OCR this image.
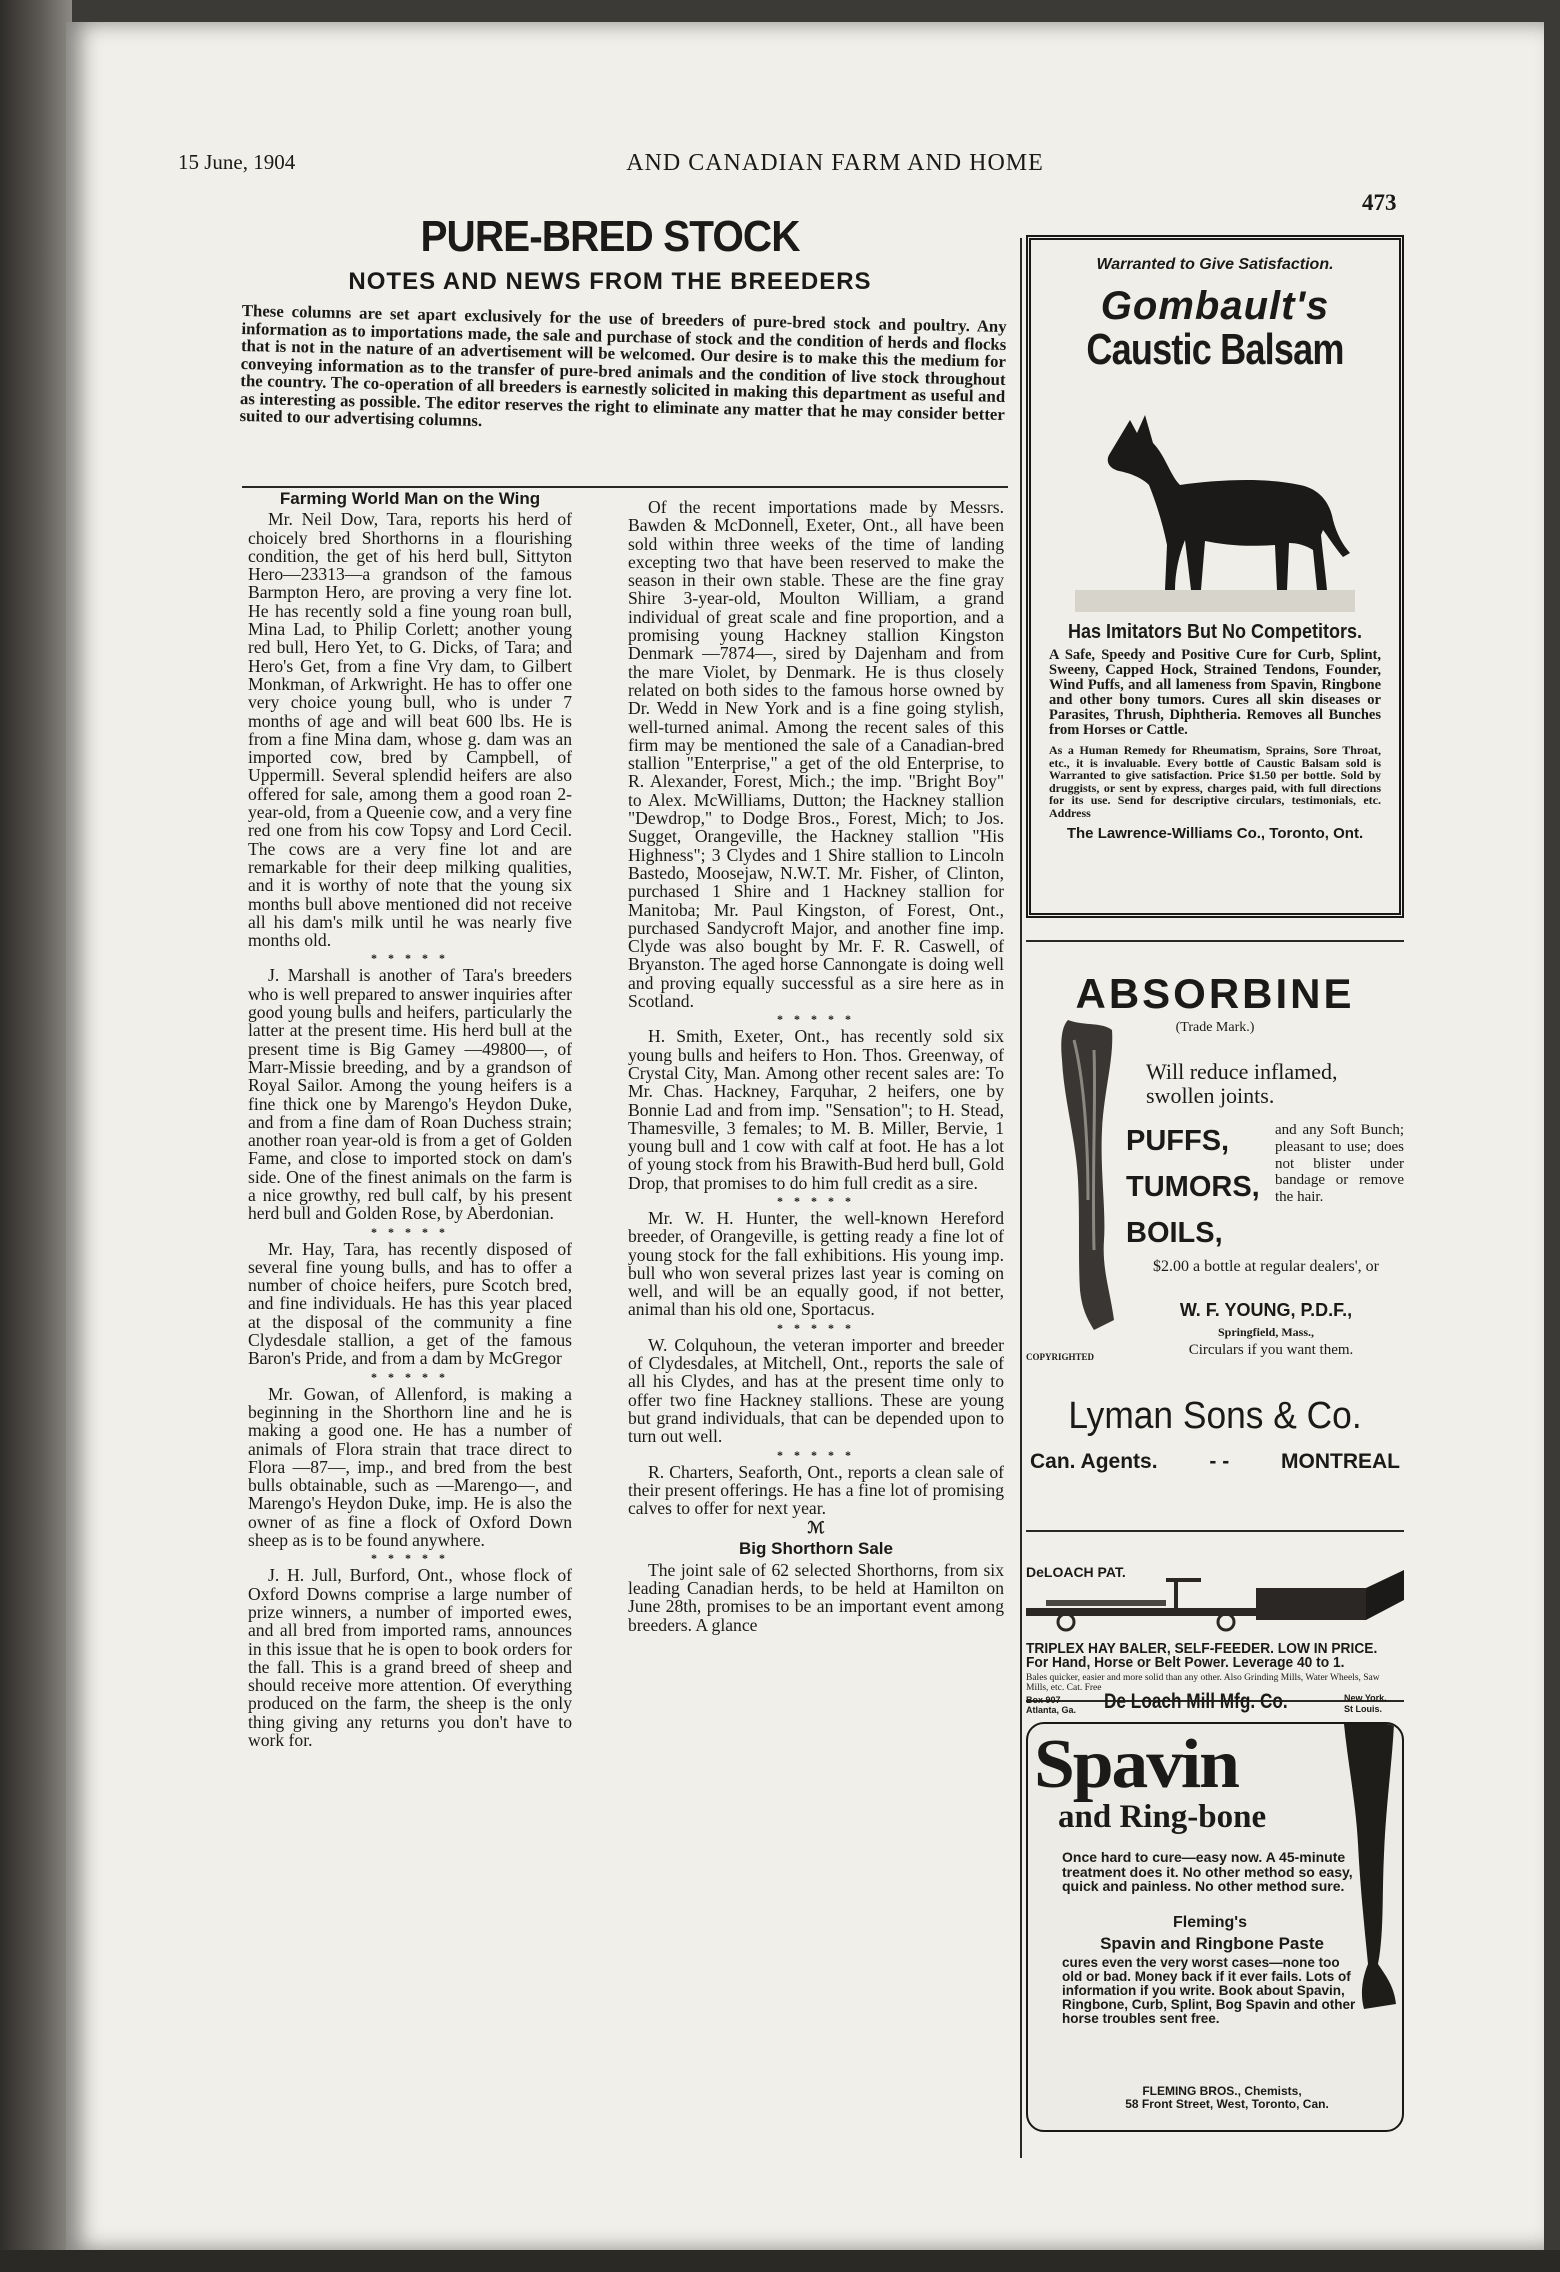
15 June, 1904	AND CANADIAN FARM AND HOME
473
PURE-BRED STOCK
NOTES AND NEWS FROM THE BREEDERS
These columns are set apart exclusively for the use of breeders of pure-bred stock and poultry. Any information as to importations made, the sale and purchase of stock and the condition of herds and flocks that is not in the nature of an advertisement will be welcomed. Our desire is to make this the medium for conveying information as to the transfer of pure-bred animals and the condition of live stock throughout the country. The co-operation of all breeders is earnestly solicited in making this department as useful and as interesting as possible. The editor reserves the right to eliminate any matter that he may consider better suited to our advertising columns.
Farming World Man on the Wing

Mr. Neil Dow, Tara, reports his herd of choicely bred Shorthorns in a flourishing condition, the get of his herd bull, Sittyton Hero—23313—a grandson of the famous Barmpton Hero, are proving a very fine lot. He has recently sold a fine young roan bull, Mina Lad, to Philip Corlett; another young red bull, Hero Yet, to G. Dicks, of Tara; and Hero's Get, from a fine Vry dam, to Gilbert Monkman, of Arkwright. He has to offer one very choice young bull, who is under 7 months of age and will beat 600 lbs. He is from a fine Mina dam, whose g. dam was an imported cow, bred by Campbell, of Uppermill. Several splendid heifers are also offered for sale, among them a good roan 2-year-old, from a Queenie cow, and a very fine red one from his cow Topsy and Lord Cecil. The cows are a very fine lot and are remarkable for their deep milking qualities, and it is worthy of note that the young six months bull above mentioned did not receive all his dam's milk until he was nearly five months old.

* * * * *

J. Marshall is another of Tara's breeders who is well prepared to answer inquiries after good young bulls and heifers, particularly the latter at the present time. His herd bull at the present time is Big Gamey —49800—, of Marr-Missie breeding, and by a grandson of Royal Sailor. Among the young heifers is a fine thick one by Marengo's Heydon Duke, and from a fine dam of Roan Duchess strain; another roan year-old is from a get of Golden Fame, and close to imported stock on dam's side. One of the finest animals on the farm is a nice growthy, red bull calf, by his present herd bull and Golden Rose, by Aberdonian.

* * * * *

Mr. Hay, Tara, has recently disposed of several fine young bulls, and has to offer a number of choice heifers, pure Scotch bred, and fine individuals. He has this year placed at the disposal of the community a fine Clydesdale stallion, a get of the famous Baron's Pride, and from a dam by McGregor

* * * * *

Mr. Gowan, of Allenford, is making a beginning in the Shorthorn line and he is making a good one. He has a number of animals of Flora strain that trace direct to Flora —87—, imp., and bred from the best bulls obtainable, such as —Marengo—, and Marengo's Heydon Duke, imp. He is also the owner of as fine a flock of Oxford Down sheep as is to be found anywhere.

* * * * *

J. H. Jull, Burford, Ont., whose flock of Oxford Downs comprise a large number of prize winners, a number of imported ewes, and all bred from imported rams, announces in this issue that he is open to book orders for the fall. This is a grand breed of sheep and should receive more attention. Of everything produced on the farm, the sheep is the only thing giving any returns you don't have to work for.

Of the recent importations made by Messrs. Bawden & McDonnell, Exeter, Ont., all have been sold within three weeks of the time of landing excepting two that have been reserved to make the season in their own stable. These are the fine gray Shire 3-year-old, Moulton William, a grand individual of great scale and fine proportion, and a promising young Hackney stallion Kingston Denmark —7874—, sired by Dajenham and from the mare Violet, by Denmark. He is thus closely related on both sides to the famous horse owned by Dr. Wedd in New York and is a fine going stylish, well-turned animal. Among the recent sales of this firm may be mentioned the sale of a Canadian-bred stallion "Enterprise," a get of the old Enterprise, to R. Alexander, Forest, Mich.; the imp. "Bright Boy" to Alex. McWilliams, Dutton; the Hackney stallion "Dewdrop," to Dodge Bros., Forest, Mich; to Jos. Sugget, Orangeville, the Hackney stallion "His Highness"; 3 Clydes and 1 Shire stallion to Lincoln Bastedo, Moosejaw, N.W.T. Mr. Fisher, of Clinton, purchased 1 Shire and 1 Hackney stallion for Manitoba; Mr. Paul Kingston, of Forest, Ont., purchased Sandycroft Major, and another fine imp. Clyde was also bought by Mr. F. R. Caswell, of Bryanston. The aged horse Cannongate is doing well and proving equally successful as a sire here as in Scotland.

* * * * *

H. Smith, Exeter, Ont., has recently sold six young bulls and heifers to Hon. Thos. Greenway, of Crystal City, Man. Among other recent sales are: To Mr. Chas. Hackney, Farquhar, 2 heifers, one by Bonnie Lad and from imp. "Sensation"; to H. Stead, Thamesville, 3 females; to M. B. Miller, Bervie, 1 young bull and 1 cow with calf at foot. He has a lot of young stock from his Brawith-Bud herd bull, Gold Drop, that promises to do him full credit as a sire.

* * * * *

Mr. W. H. Hunter, the well-known Hereford breeder, of Orangeville, is getting ready a fine lot of young stock for the fall exhibitions. His young imp. bull who won several prizes last year is coming on well, and will be an equally good, if not better, animal than his old one, Sportacus.

* * * * *

W. Colquhoun, the veteran importer and breeder of Clydesdales, at Mitchell, Ont., reports the sale of all his Clydes, and has at the present time only to offer two fine Hackney stallions. These are young but grand individuals, that can be depended upon to turn out well.

* * * * *

R. Charters, Seaforth, Ont., reports a clean sale of their present offerings. He has a fine lot of promising calves to offer for next year.

ℳ
Big Shorthorn Sale

The joint sale of 62 selected Shorthorns, from six leading Canadian herds, to be held at Hamilton on June 28th, promises to be an important event among breeders. A glance

Warranted to Give Satisfaction.
Gombault's
Caustic Balsam
Has Imitators But No Competitors.
A Safe, Speedy and Positive Cure for Curb, Splint, Sweeny, Capped Hock, Strained Tendons, Founder, Wind Puffs, and all lameness from Spavin, Ringbone and other bony tumors. Cures all skin diseases or Parasites, Thrush, Diphtheria. Removes all Bunches from Horses or Cattle.
As a Human Remedy for Rheumatism, Sprains, Sore Throat, etc., it is invaluable. Every bottle of Caustic Balsam sold is Warranted to give satisfaction. Price $1.50 per bottle. Sold by druggists, or sent by express, charges paid, with full directions for its use. Send for descriptive circulars, testimonials, etc. Address
The Lawrence-Williams Co., Toronto, Ont.
ABSORBINE
(Trade Mark.)
Will reduce inflamed, swollen joints.
PUFFS,
TUMORS,
BOILS,
and any Soft Bunch; pleasant to use; does not blister under bandage or remove the hair.
$2.00 a bottle at regular dealers', or
W. F. YOUNG, P.D.F.,
Springfield, Mass.,
Circulars if you want them.
COPYRIGHTED
Lyman Sons & Co.
Can. Agents. - - MONTREAL
DeLOACH PAT.
TRIPLEX HAY BALER, SELF-FEEDER. LOW IN PRICE. For Hand, Horse or Belt Power. Leverage 40 to 1.
Bales quicker, easier and more solid than any other. Also Grinding Mills, Water Wheels, Saw Mills, etc. Cat. Free
Box 907
Atlanta, Ga. De Loach Mill Mfg. Co.	New York.
St Louis.
Spavin
and Ring-bone
Once hard to cure—easy now. A 45-minute treatment does it. No other method so easy, quick and painless. No other method sure.
Fleming's
Spavin and Ringbone Paste
cures even the very worst cases—none too old or bad. Money back if it ever fails. Lots of information if you write. Book about Spavin, Ringbone, Curb, Splint, Bog Spavin and other horse troubles sent free.
FLEMING BROS., Chemists,
58 Front Street, West, Toronto, Can.
